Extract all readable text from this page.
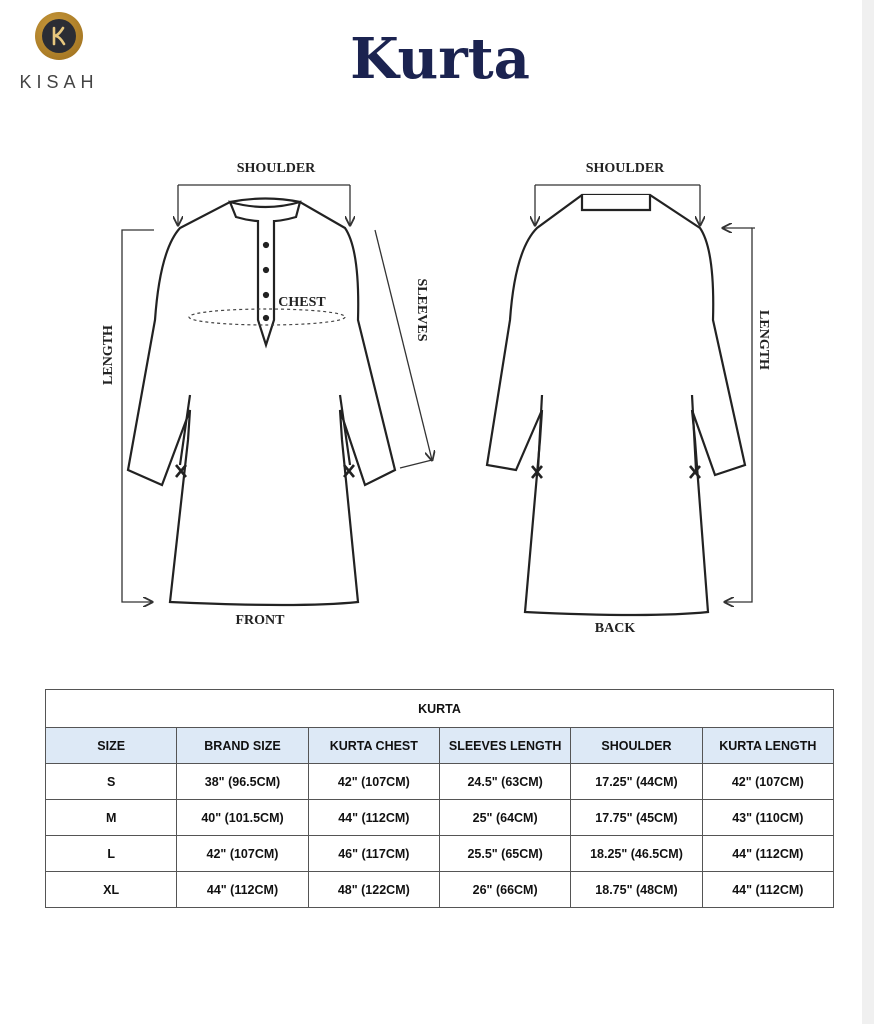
KISAH	Kurta
SHOULDER
CHEST	SLEEVES
LENGTH
FRONT
SHOULDER
LENGTH
BACK
KURTA					
SIZE	BRAND SIZE	KURTA CHEST	SLEEVES LENGTH	SHOULDER	KURTA LENGTH
S	38" (96.5CM)	42" (107CM)	24.5" (63CM)	17.25" (44CM)	42" (107CM)
M	40" (101.5CM)	44" (112CM)	25" (64CM)	17.75" (45CM)	43" (110CM)
L	42" (107CM)	46" (117CM)	25.5" (65CM)	18.25" (46.5CM)	44" (112CM)
XL	44" (112CM)	48" (122CM)	26" (66CM)	18.75" (48CM)	44" (112CM)
